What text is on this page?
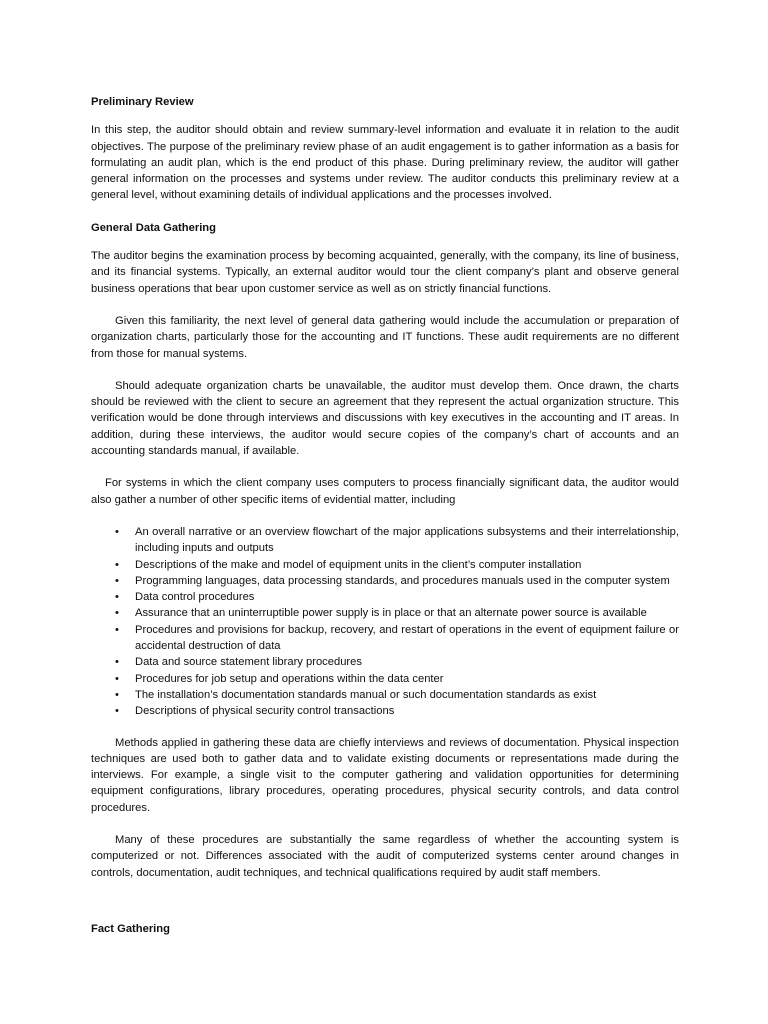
Preliminary Review

In this step, the auditor should obtain and review summary-level information and evaluate it in relation to the audit objectives. The purpose of the preliminary review phase of an audit engagement is to gather information as a basis for formulating an audit plan, which is the end product of this phase. During preliminary review, the auditor will gather general information on the processes and systems under review. The auditor conducts this preliminary review at a general level, without examining details of individual applications and the processes involved.

General Data Gathering

The auditor begins the examination process by becoming acquainted, generally, with the company, its line of business, and its financial systems. Typically, an external auditor would tour the client company’s plant and observe general business operations that bear upon customer service as well as on strictly financial functions.

Given this familiarity, the next level of general data gathering would include the accumulation or preparation of organization charts, particularly those for the accounting and IT functions. These audit requirements are no different from those for manual systems.

Should adequate organization charts be unavailable, the auditor must develop them. Once drawn, the charts should be reviewed with the client to secure an agreement that they represent the actual organization structure. This verification would be done through interviews and discussions with key executives in the accounting and IT areas. In addition, during these interviews, the auditor would secure copies of the company’s chart of accounts and an accounting standards manual, if available.

For systems in which the client company uses computers to process financially significant data, the auditor would also gather a number of other specific items of evidential matter, including

• An overall narrative or an overview flowchart of the major applications subsystems and their interrelationship, including inputs and outputs
• Descriptions of the make and model of equipment units in the client’s computer installation
• Programming languages, data processing standards, and procedures manuals used in the computer system
• Data control procedures
• Assurance that an uninterruptible power supply is in place or that an alternate power source is available
• Procedures and provisions for backup, recovery, and restart of operations in the event of equipment failure or accidental destruction of data
• Data and source statement library procedures
• Procedures for job setup and operations within the data center
• The installation’s documentation standards manual or such documentation standards as exist
• Descriptions of physical security control transactions

Methods applied in gathering these data are chiefly interviews and reviews of documentation. Physical inspection techniques are used both to gather data and to validate existing documents or representations made during the interviews. For example, a single visit to the computer gathering and validation opportunities for determining equipment configurations, library procedures, operating procedures, physical security controls, and data control procedures.

Many of these procedures are substantially the same regardless of whether the accounting system is computerized or not. Differences associated with the audit of computerized systems center around changes in controls, documentation, audit techniques, and technical qualifications required by audit staff members.

Fact Gathering
